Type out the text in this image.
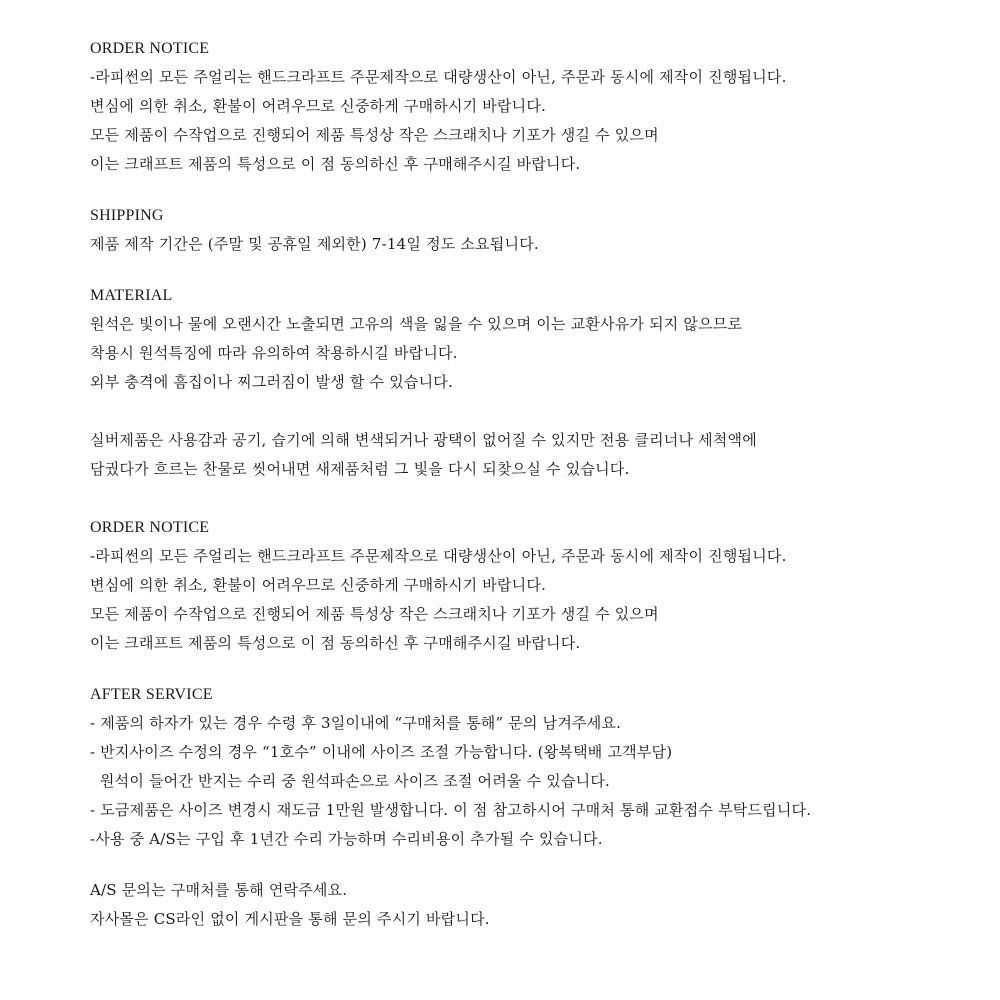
ORDER NOTICE

-라피썬의 모든 주얼리는 핸드크라프트 주문제작으로 대량생산이 아닌, 주문과 동시에 제작이 진행됩니다.

변심에 의한 취소, 환불이 어려우므로 신중하게 구매하시기 바랍니다.

모든 제품이 수작업으로 진행되어 제품 특성상 작은 스크래치나 기포가 생길 수 있으며

이는 크래프트 제품의 특성으로 이 점 동의하신 후 구매해주시길 바랍니다.

SHIPPING

제품 제작 기간은 (주말 및 공휴일 제외한) 7-14일 정도 소요됩니다.

MATERIAL

원석은 빛이나 물에 오랜시간 노출되면 고유의 색을 잃을 수 있으며 이는 교환사유가 되지 않으므로

착용시 원석특징에 따라 유의하여 착용하시길 바랍니다.

외부 충격에 흠집이나 찌그러짐이 발생 할 수 있습니다.

실버제품은 사용감과 공기, 습기에 의해 변색되거나 광택이 없어질 수 있지만 전용 클리너나 세척액에

담궜다가 흐르는 찬물로 씻어내면 새제품처럼 그 빛을 다시 되찾으실 수 있습니다.

ORDER NOTICE

-라피썬의 모든 주얼리는 핸드크라프트 주문제작으로 대량생산이 아닌, 주문과 동시에 제작이 진행됩니다.

변심에 의한 취소, 환불이 어려우므로 신중하게 구매하시기 바랍니다.

모든 제품이 수작업으로 진행되어 제품 특성상 작은 스크래치나 기포가 생길 수 있으며

이는 크래프트 제품의 특성으로 이 점 동의하신 후 구매해주시길 바랍니다.

AFTER SERVICE

- 제품의 하자가 있는 경우 수령 후 3일이내에 “구매처를 통해” 문의 남겨주세요.

- 반지사이즈 수정의 경우 “1호수” 이내에 사이즈 조절 가능합니다. (왕복택배 고객부담)

원석이 들어간 반지는 수리 중 원석파손으로 사이즈 조절 어려울 수 있습니다.

- 도금제품은 사이즈 변경시 재도금 1만원 발생합니다. 이 점 참고하시어 구매처 통해 교환접수 부탁드립니다.

-사용 중 A/S는 구입 후 1년간 수리 가능하며 수리비용이 추가될 수 있습니다.

A/S 문의는 구매처를 통해 연락주세요.

자사몰은 CS라인 없이 게시판을 통해 문의 주시기 바랍니다.
